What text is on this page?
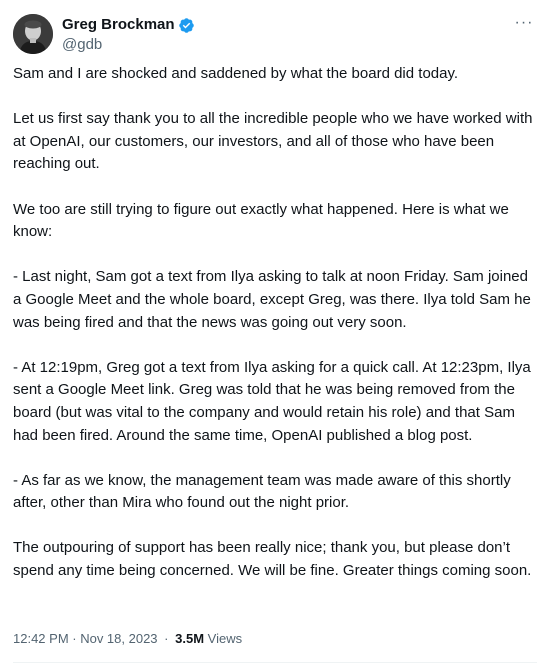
Greg Brockman
@gdb
···

Sam and I are shocked and saddened by what the board did today.

Let us first say thank you to all the incredible people who we have worked with at OpenAI, our customers, our investors, and all of those who have been reaching out.

We too are still trying to figure out exactly what happened. Here is what we know:

- Last night, Sam got a text from Ilya asking to talk at noon Friday. Sam joined a Google Meet and the whole board, except Greg, was there. Ilya told Sam he was being fired and that the news was going out very soon.

- At 12:19pm, Greg got a text from Ilya asking for a quick call. At 12:23pm, Ilya sent a Google Meet link. Greg was told that he was being removed from the board (but was vital to the company and would retain his role) and that Sam had been fired. Around the same time, OpenAI published a blog post.

- As far as we know, the management team was made aware of this shortly after, other than Mira who found out the night prior.

The outpouring of support has been really nice; thank you, but please don’t spend any time being concerned. We will be fine. Greater things coming soon.

12:42 PM · Nov 18, 2023 · 3.5M Views
